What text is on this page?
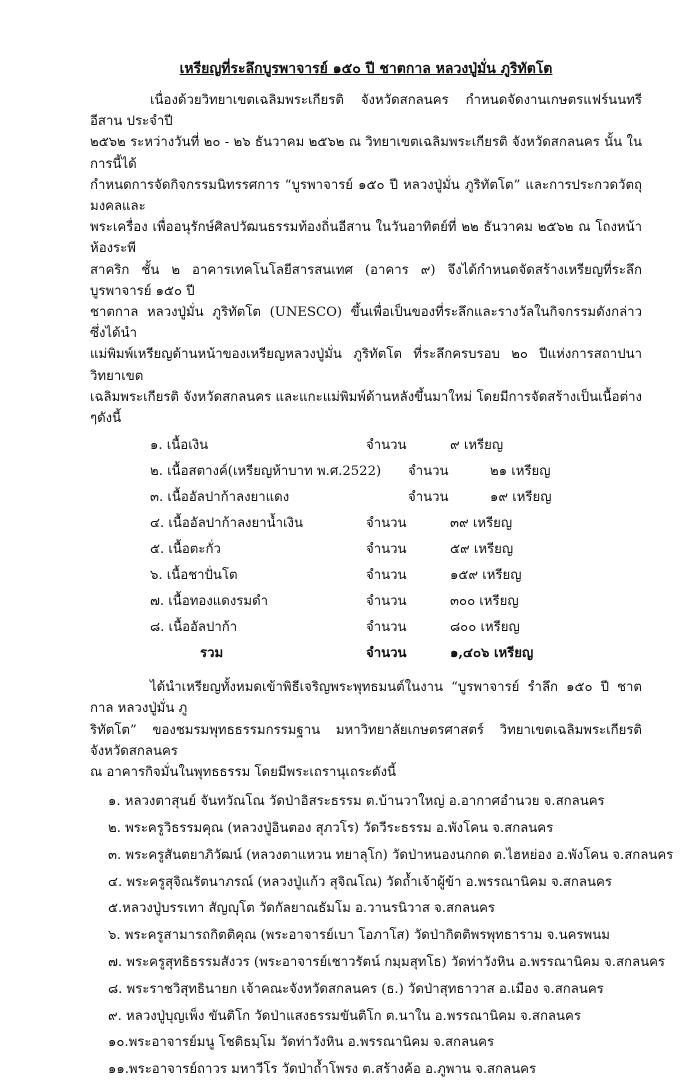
เหรียญที่ระลึกบูรพาจารย์ ๑๕๐ ปี ชาตกาล หลวงปู่มั่น ภูริทัตโต

เนื่องด้วยวิทยาเขตเฉลิมพระเกียรติ จังหวัดสกลนคร กำหนดจัดงานเกษตรแฟร์นนทรีอีสาน ประจำปี

๒๕๖๒ ระหว่างวันที่ ๒๐ - ๒๖ ธันวาคม ๒๕๖๒ ณ วิทยาเขตเฉลิมพระเกียรติ จังหวัดสกลนคร นั้น ในการนี้ได้

กำหนดการจัดกิจกรรมนิทรรศการ “บูรพาจารย์ ๑๕๐ ปี หลวงปู่มั่น ภูริทัตโต” และการประกวดวัตถุมงคลและ

พระเครื่อง เพื่ออนุรักษ์ศิลปวัฒนธรรมท้องถิ่นอีสาน ในวันอาทิตย์ที่ ๒๒ ธันวาคม ๒๕๖๒ ณ โถงหน้าห้องระพี

สาคริก ชั้น ๒ อาคารเทคโนโลยีสารสนเทศ (อาคาร ๙) จึงได้กำหนดจัดสร้างเหรียญที่ระลึกบูรพาจารย์ ๑๕๐ ปี

ชาตกาล หลวงปู่มั่น ภูริทัตโต (UNESCO) ขึ้นเพื่อเป็นของที่ระลึกและรางวัลในกิจกรรมดังกล่าว ซึ่งได้นำ

แม่พิมพ์เหรียญด้านหน้าของเหรียญหลวงปู่มั่น ภูริทัตโต ที่ระลึกครบรอบ ๒๐ ปีแห่งการสถาปนาวิทยาเขต

เฉลิมพระเกียรติ จังหวัดสกลนคร และแกะแม่พิมพ์ด้านหลังขึ้นมาใหม่ โดยมีการจัดสร้างเป็นเนื้อต่าง ๆดังนี้

๑. เนื้อเงิน	จำนวน	๙ เหรียญ
๒. เนื้อสตางค์(เหรียญห้าบาท พ.ศ.2522) จำนวน	๒๑ เหรียญ
๓. เนื้ออัลปาก้าลงยาแดง	จำนวน	๑๙ เหรียญ
๔. เนื้ออัลปาก้าลงยาน้ำเงิน	จำนวน	๓๙ เหรียญ
๕. เนื้อตะกั่ว	จำนวน	๕๙ เหรียญ
๖. เนื้อชาปั่นโต	จำนวน	๑๕๙ เหรียญ
๗. เนื้อทองแดงรมดำ	จำนวน	๓๐๐ เหรียญ
๘. เนื้ออัลปาก้า	จำนวน	๘๐๐ เหรียญ
รวม	จำนวน	๑,๔๐๖ เหรียญ

ได้นำเหรียญทั้งหมดเข้าพิธีเจริญพระพุทธมนต์ในงาน “บูรพาจารย์ รำลึก ๑๕๐ ปี ชาตกาล หลวงปู่มั่น ภู

ริทัตโต” ของชมรมพุทธธรรมกรรมฐาน มหาวิทยาลัยเกษตรศาสตร์ วิทยาเขตเฉลิมพระเกียรติ จังหวัดสกลนคร

ณ อาคารกิจมั่นในพุทธธรรม โดยมีพระเถรานุเถระดังนี้

๑. หลวงตาสุนย์ จันทวัณโณ วัดป่าอิสระธรรม ต.บ้านวาใหญ่ อ.อากาศอำนวย จ.สกลนคร
๒. พระครูวิธรรมคุณ (หลวงปู่อินตอง สุภวโร) วัดวีระธรรม อ.พังโคน จ.สกลนคร
๓. พระครูสันตยาภิวัฒน์ (หลวงตาแหวน ทยาลุโก) วัดป่าหนองนกกด ต.ไฮหย่อง อ.พังโคน จ.สกลนคร
๔. พระครูสุจิณรัตนาภรณ์ (หลวงปู่แก้ว สุจิณโณ) วัดถ้ำเจ้าผู้ข้า อ.พรรณานิคม จ.สกลนคร
๕.หลวงปู่บรรเทา สัญญุโต วัดกัลยาณธัมโม อ.วานรนิวาส จ.สกลนคร
๖. พระครูสามารถกิตติคุณ (พระอาจารย์เบา โอภาโส) วัดป่ากิตติพรพุทธาราม จ.นครพนม
๗. พระครูสุทธิธรรมสังวร (พระอาจารย์เชาวรัตน์ กมฺมสุทโธ) วัดท่าวังหิน อ.พรรณานิคม จ.สกลนคร
๘. พระราชวิสุทธินายก เจ้าคณะจังหวัดสกลนคร (ธ.) วัดป่าสุทธาวาส อ.เมือง จ.สกลนคร
๙. หลวงปู่บุญเพ็ง ขันติโก วัดป่าแสงธรรมขันติโก ต.นาใน อ.พรรณานิคม จ.สกลนคร
๑๐.พระอาจารย์มนู โชติธมฺโม วัดท่าวังหิน อ.พรรณานิคม จ.สกลนคร
๑๑.พระอาจารย์ถาวร มหาวีโร วัดป่าถ้ำโพรง ต.สร้างค้อ อ.ภูพาน จ.สกลนคร
